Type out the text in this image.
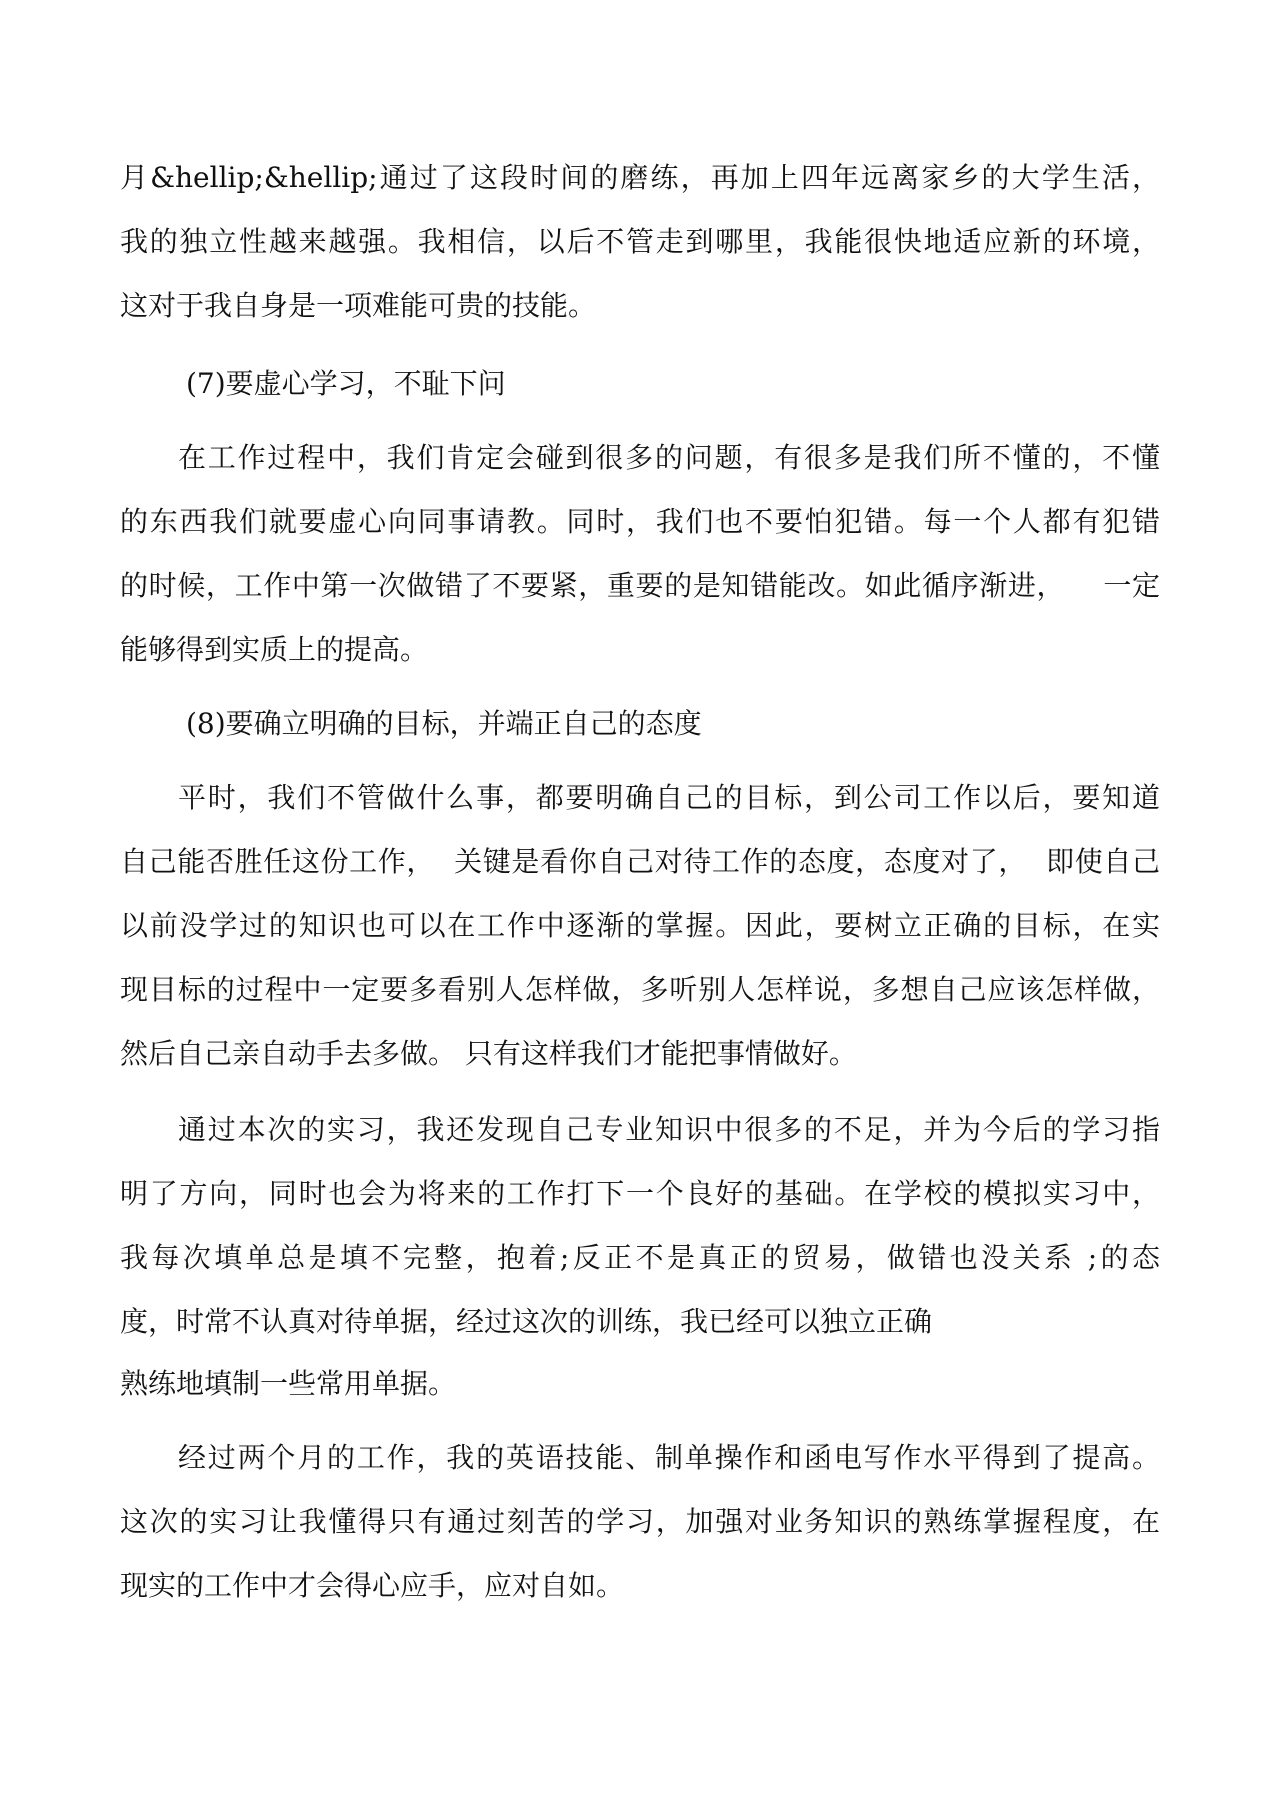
月&hellip;&hellip;通过了这段时间的磨练，再加上四年远离家乡的大学生活，
我的独立性越来越强。我相信，以后不管走到哪里，我能很快地适应新的环境，
这对于我自身是一项难能可贵的技能。
(7)要虚心学习，不耻下问
在工作过程中，我们肯定会碰到很多的问题，有很多是我们所不懂的，不懂
的东西我们就要虚心向同事请教。同时，我们也不要怕犯错。每一个人都有犯错
的时候，工作中第一次做错了不要紧，重要的是知错能改。如此循序渐进，    一定
能够得到实质上的提高。
(8)要确立明确的目标，并端正自己的态度
平时，我们不管做什么事，都要明确自己的目标，到公司工作以后，要知道
自己能否胜任这份工作，  关键是看你自己对待工作的态度，态度对了，  即使自己
以前没学过的知识也可以在工作中逐渐的掌握。因此，要树立正确的目标，在实
现目标的过程中一定要多看别人怎样做，多听别人怎样说，多想自己应该怎样做，
然后自己亲自动手去多做。 只有这样我们才能把事情做好。
通过本次的实习，我还发现自己专业知识中很多的不足，并为今后的学习指
明了方向，同时也会为将来的工作打下一个良好的基础。在学校的模拟实习中，
我每次填单总是填不完整，抱着;反正不是真正的贸易，做错也没关系 ;的态
度，时常不认真对待单据，经过这次的训练，我已经可以独立正确
熟练地填制一些常用单据。
经过两个月的工作，我的英语技能、制单操作和函电写作水平得到了提高。
这次的实习让我懂得只有通过刻苦的学习，加强对业务知识的熟练掌握程度，在
现实的工作中才会得心应手，应对自如。
